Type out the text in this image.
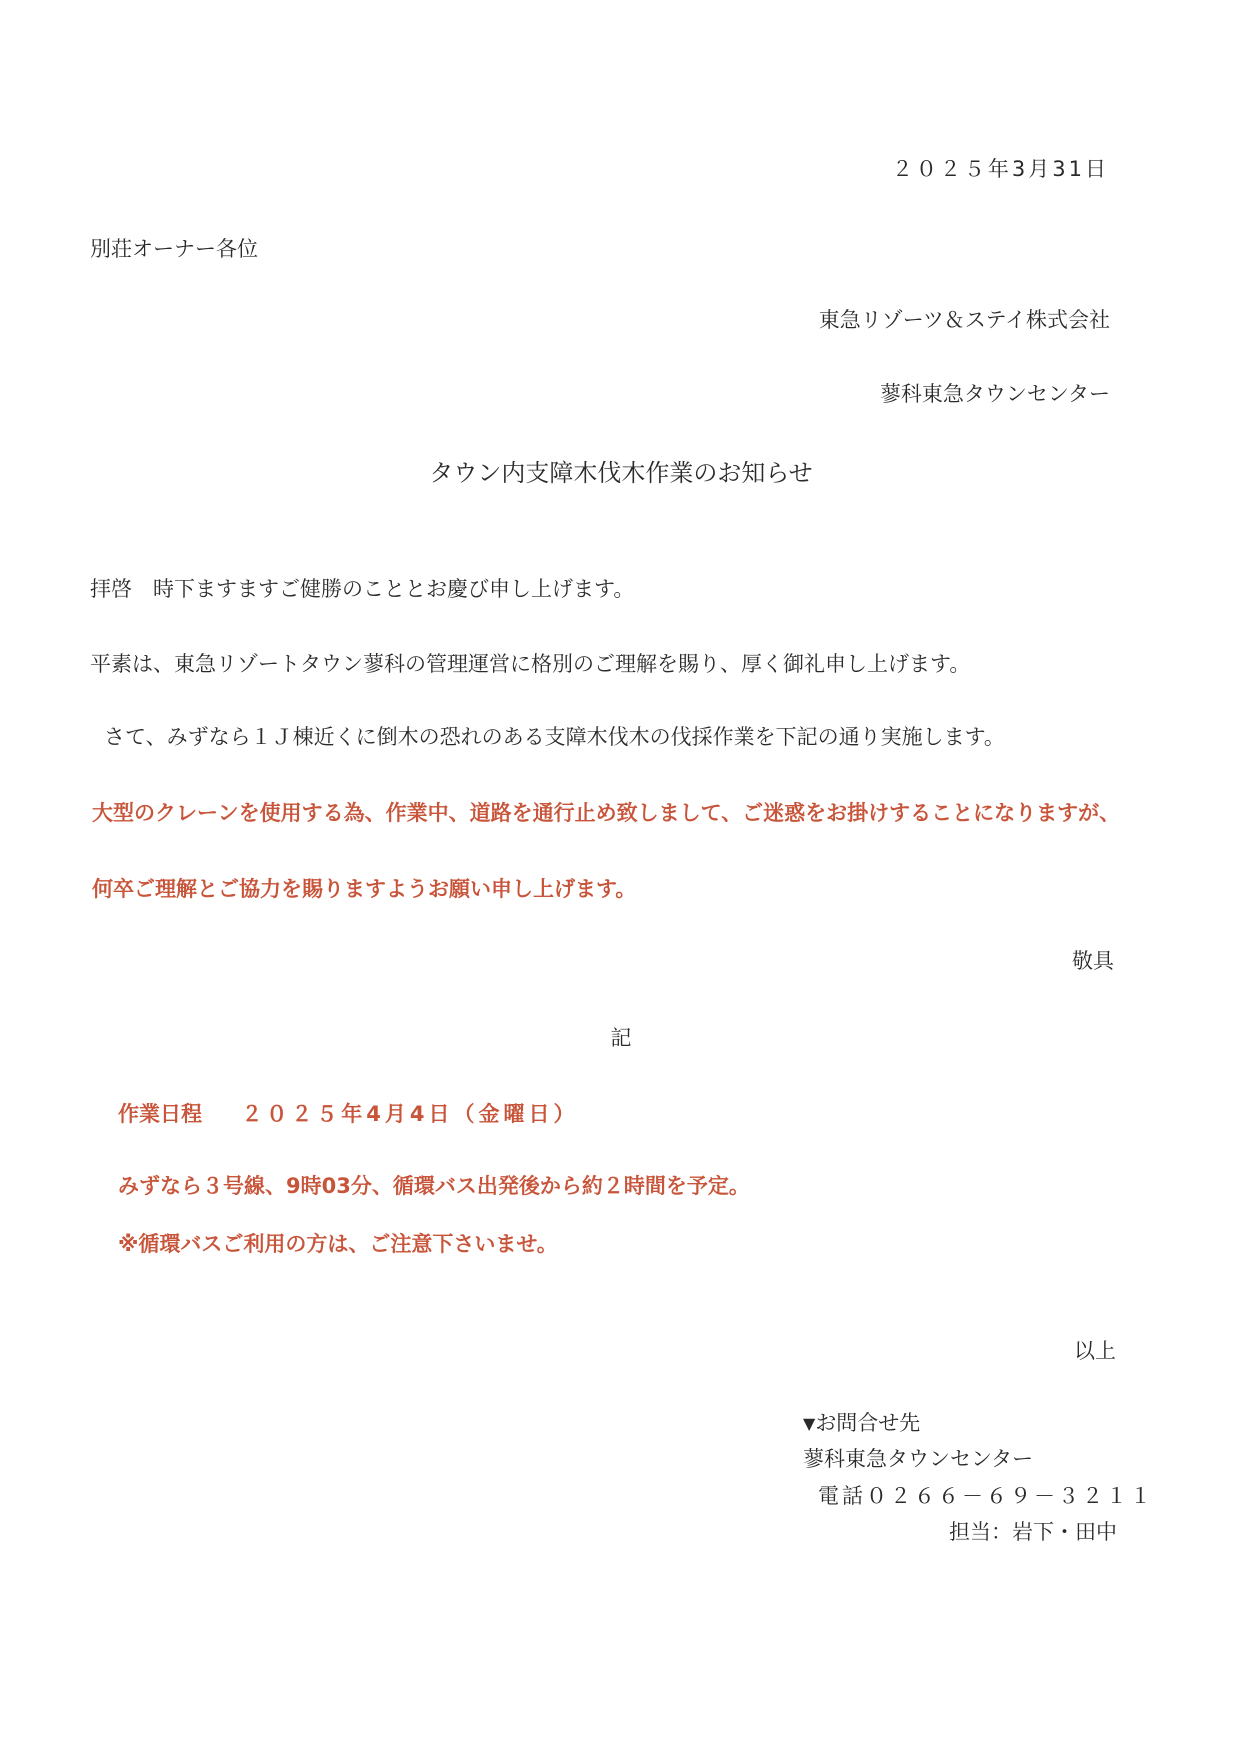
２０２５年3月31日
別荘オーナー各位
東急リゾーツ＆ステイ株式会社
蓼科東急タウンセンター
タウン内支障木伐木作業のお知らせ
拝啓　時下ますますご健勝のこととお慶び申し上げます。
平素は、東急リゾートタウン蓼科の管理運営に格別のご理解を賜り、厚く御礼申し上げます。
さて、みずなら１Ｊ棟近くに倒木の恐れのある支障木伐木の伐採作業を下記の通り実施します。
大型のクレーンを使用する為、作業中、道路を通行止め致しまして、ご迷惑をお掛けすることになりますが、
何卒ご理解とご協力を賜りますようお願い申し上げます。
敬具
記
作業日程 ２０２５年4月4日（金曜日）
みずなら３号線、9時03分、循環バス出発後から約２時間を予定。
※循環バスご利用の方は、ご注意下さいませ。
以上
▼お問合せ先
蓼科東急タウンセンター
電話０２６６－６９－３２１１
担当：岩下・田中
